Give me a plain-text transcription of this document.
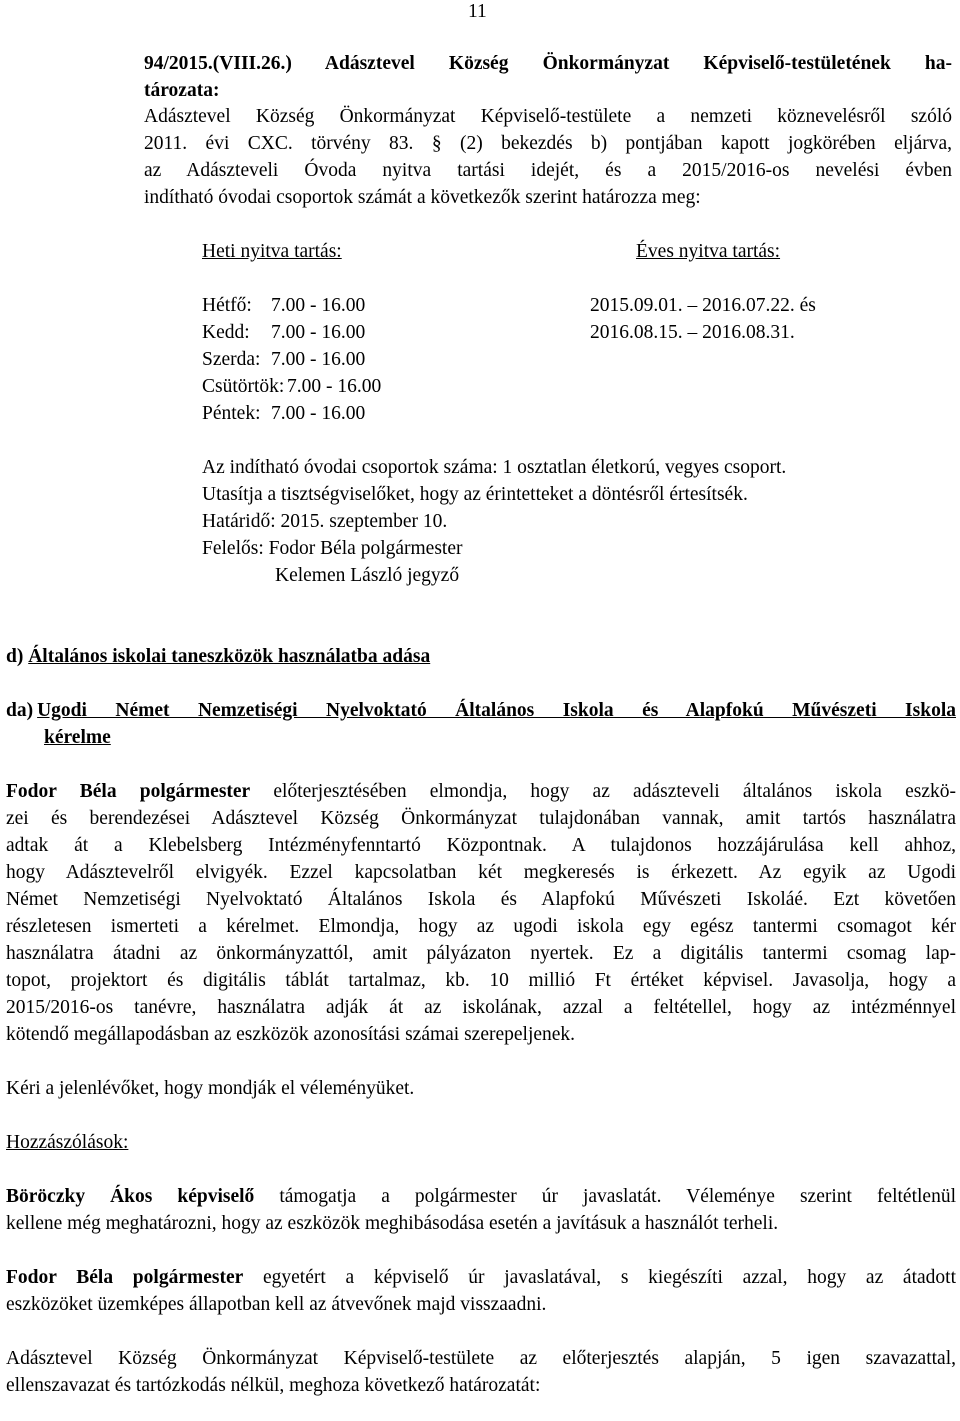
11
94/2015.(VIII.26.) Adásztevel Község Önkormányzat Képviselő-testületének ha-
tározata:
Adásztevel Község Önkormányzat Képviselő-testülete a nemzeti köznevelésről szóló
2011. évi CXC. törvény 83. § (2) bekezdés b) pontjában kapott jogkörében eljárva,
az Adászteveli Óvoda nyitva tartási idejét, és a 2015/2016-os nevelési évben
indítható óvodai csoportok számát a következők szerint határozza meg:
Heti nyitva tartás:	Éves nyitva tartás:
Hétfő: 7.00 - 16.00
Kedd: 7.00 - 16.00
Szerda: 7.00 - 16.00
Csütörtök: 7.00 - 16.00
Péntek: 7.00 - 16.00
2015.09.01. – 2016.07.22. és
2016.08.15. – 2016.08.31.
Az indítható óvodai csoportok száma: 1 osztatlan életkorú, vegyes csoport.
Utasítja a tisztségviselőket, hogy az érintetteket a döntésről értesítsék.
Határidő: 2015. szeptember 10.
Felelős: Fodor Béla polgármester
Kelemen László jegyző
d) Általános iskolai taneszközök használatba adása
da) Ugodi Német Nemzetiségi Nyelvoktató Általános Iskola és Alapfokú Művészeti Iskola
kérelme
Fodor Béla polgármester előterjesztésében elmondja, hogy az adászteveli általános iskola eszkö-
zei és berendezései Adásztevel Község Önkormányzat tulajdonában vannak, amit tartós használatra
adtak át a Klebelsberg Intézményfenntartó Központnak. A tulajdonos hozzájárulása kell ahhoz,
hogy Adásztevelről elvigyék. Ezzel kapcsolatban két megkeresés is érkezett. Az egyik az Ugodi
Német Nemzetiségi Nyelvoktató Általános Iskola és Alapfokú Művészeti Iskoláé. Ezt követően
részletesen ismerteti a kérelmet. Elmondja, hogy az ugodi iskola egy egész tantermi csomagot kér
használatra átadni az önkormányzattól, amit pályázaton nyertek. Ez a digitális tantermi csomag lap-
topot, projektort és digitális táblát tartalmaz, kb. 10 millió Ft értéket képvisel. Javasolja, hogy a
2015/2016-os tanévre, használatra adják át az iskolának, azzal a feltétellel, hogy az intézménnyel
kötendő megállapodásban az eszközök azonosítási számai szerepeljenek.
Kéri a jelenlévőket, hogy mondják el véleményüket.
Hozzászólások:
Böröczky Ákos képviselő támogatja a polgármester úr javaslatát. Véleménye szerint feltétlenül
kellene még meghatározni, hogy az eszközök meghibásodása esetén a javításuk a használót terheli.
Fodor Béla polgármester egyetért a képviselő úr javaslatával, s kiegészíti azzal, hogy az átadott
eszközöket üzemképes állapotban kell az átvevőnek majd visszaadni.
Adásztevel Község Önkormányzat Képviselő-testülete az előterjesztés alapján, 5 igen szavazattal,
ellenszavazat és tartózkodás nélkül, meghoza következő határozatát:
